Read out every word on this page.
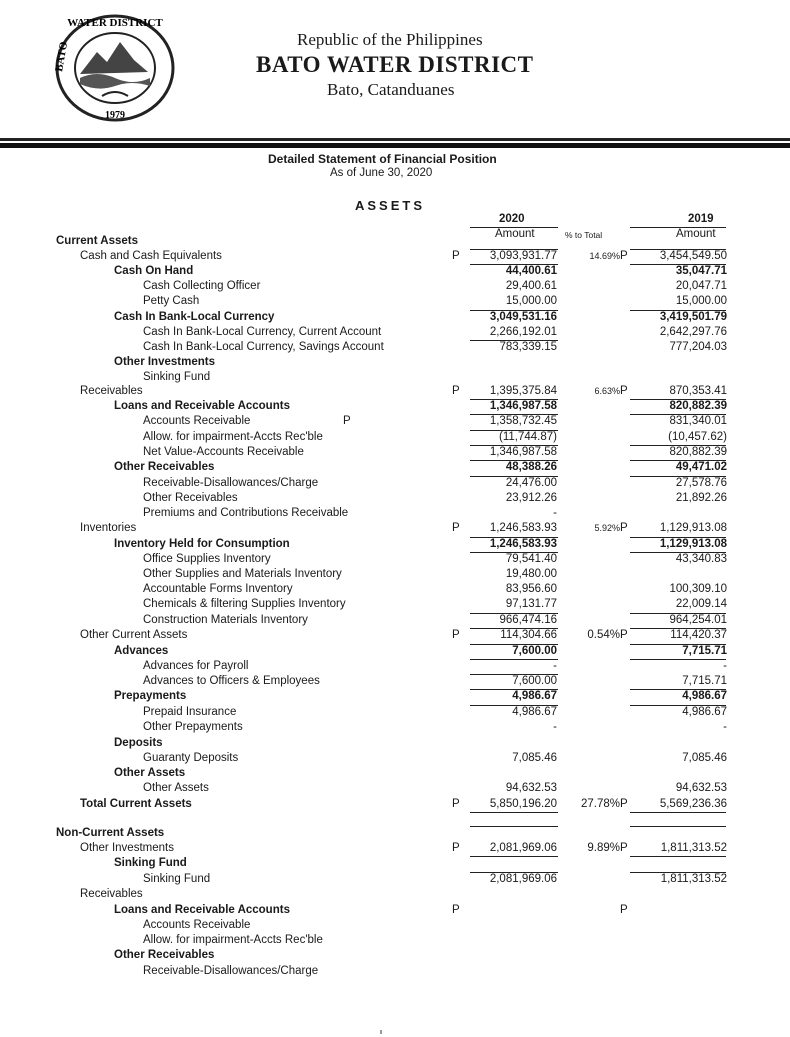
WATER DISTRICT
BATO
1979
Republic of the Philippines
BATO WATER DISTRICT
Bato, Catanduanes
Detailed Statement of Financial Position
As of June 30, 2020
ASSETS
2020
Amount	% to Total
2019
Amount
Current Assets
Cash and Cash Equivalents	P	3,093,931.77	14.69% P	3,454,549.50
Cash On Hand	44,400.61	35,047.71
Cash Collecting Officer	29,400.61	20,047.71
Petty Cash	15,000.00	15,000.00
Cash In Bank-Local Currency	3,049,531.16	3,419,501.79
Cash In Bank-Local Currency, Current Account	2,266,192.01	2,642,297.76
Cash In Bank-Local Currency, Savings Account	783,339.15	777,204.03
Other Investments
Sinking Fund
Receivables	P	1,395,375.84	6.63% P	870,353.41
Loans and Receivable Accounts	1,346,987.58	820,882.39
Accounts Receivable	P	1,358,732.45	831,340.01
Allow. for impairment-Accts Rec'ble	(11,744.87)	(10,457.62)
Net Value-Accounts Receivable	1,346,987.58	820,882.39
Other Receivables	48,388.26	49,471.02
Receivable-Disallowances/Charge	24,476.00	27,578.76
Other Receivables	23,912.26	21,892.26
Premiums and Contributions Receivable	-
Inventories	P	1,246,583.93	5.92% P	1,129,913.08
Inventory Held for Consumption	1,246,583.93	1,129,913.08
Office Supplies Inventory	79,541.40	43,340.83
Other Supplies and Materials Inventory	19,480.00
Accountable Forms Inventory	83,956.60	100,309.10
Chemicals & filtering Supplies Inventory	97,131.77	22,009.14
Construction Materials Inventory	966,474.16	964,254.01
Other Current Assets	P	114,304.66	0.54% P	114,420.37
Advances	7,600.00	7,715.71
Advances for Payroll	-	-
Advances to Officers & Employees	7,600.00	7,715.71
Prepayments	4,986.67	4,986.67
Prepaid Insurance	4,986.67	4,986.67
Other Prepayments	-	-
Deposits
Guaranty Deposits	7,085.46	7,085.46
Other Assets
Other Assets	94,632.53	94,632.53
Total Current Assets	P	5,850,196.20 27.78% P	5,569,236.36
Non-Current Assets
Other Investments	P	2,081,969.06	9.89% P	1,811,313.52
Sinking Fund
Sinking Fund	2,081,969.06	1,811,313.52
Receivables
Loans and Receivable Accounts	P	P
Accounts Receivable
Allow. for impairment-Accts Rec'ble
Other Receivables
Receivable-Disallowances/Charge
